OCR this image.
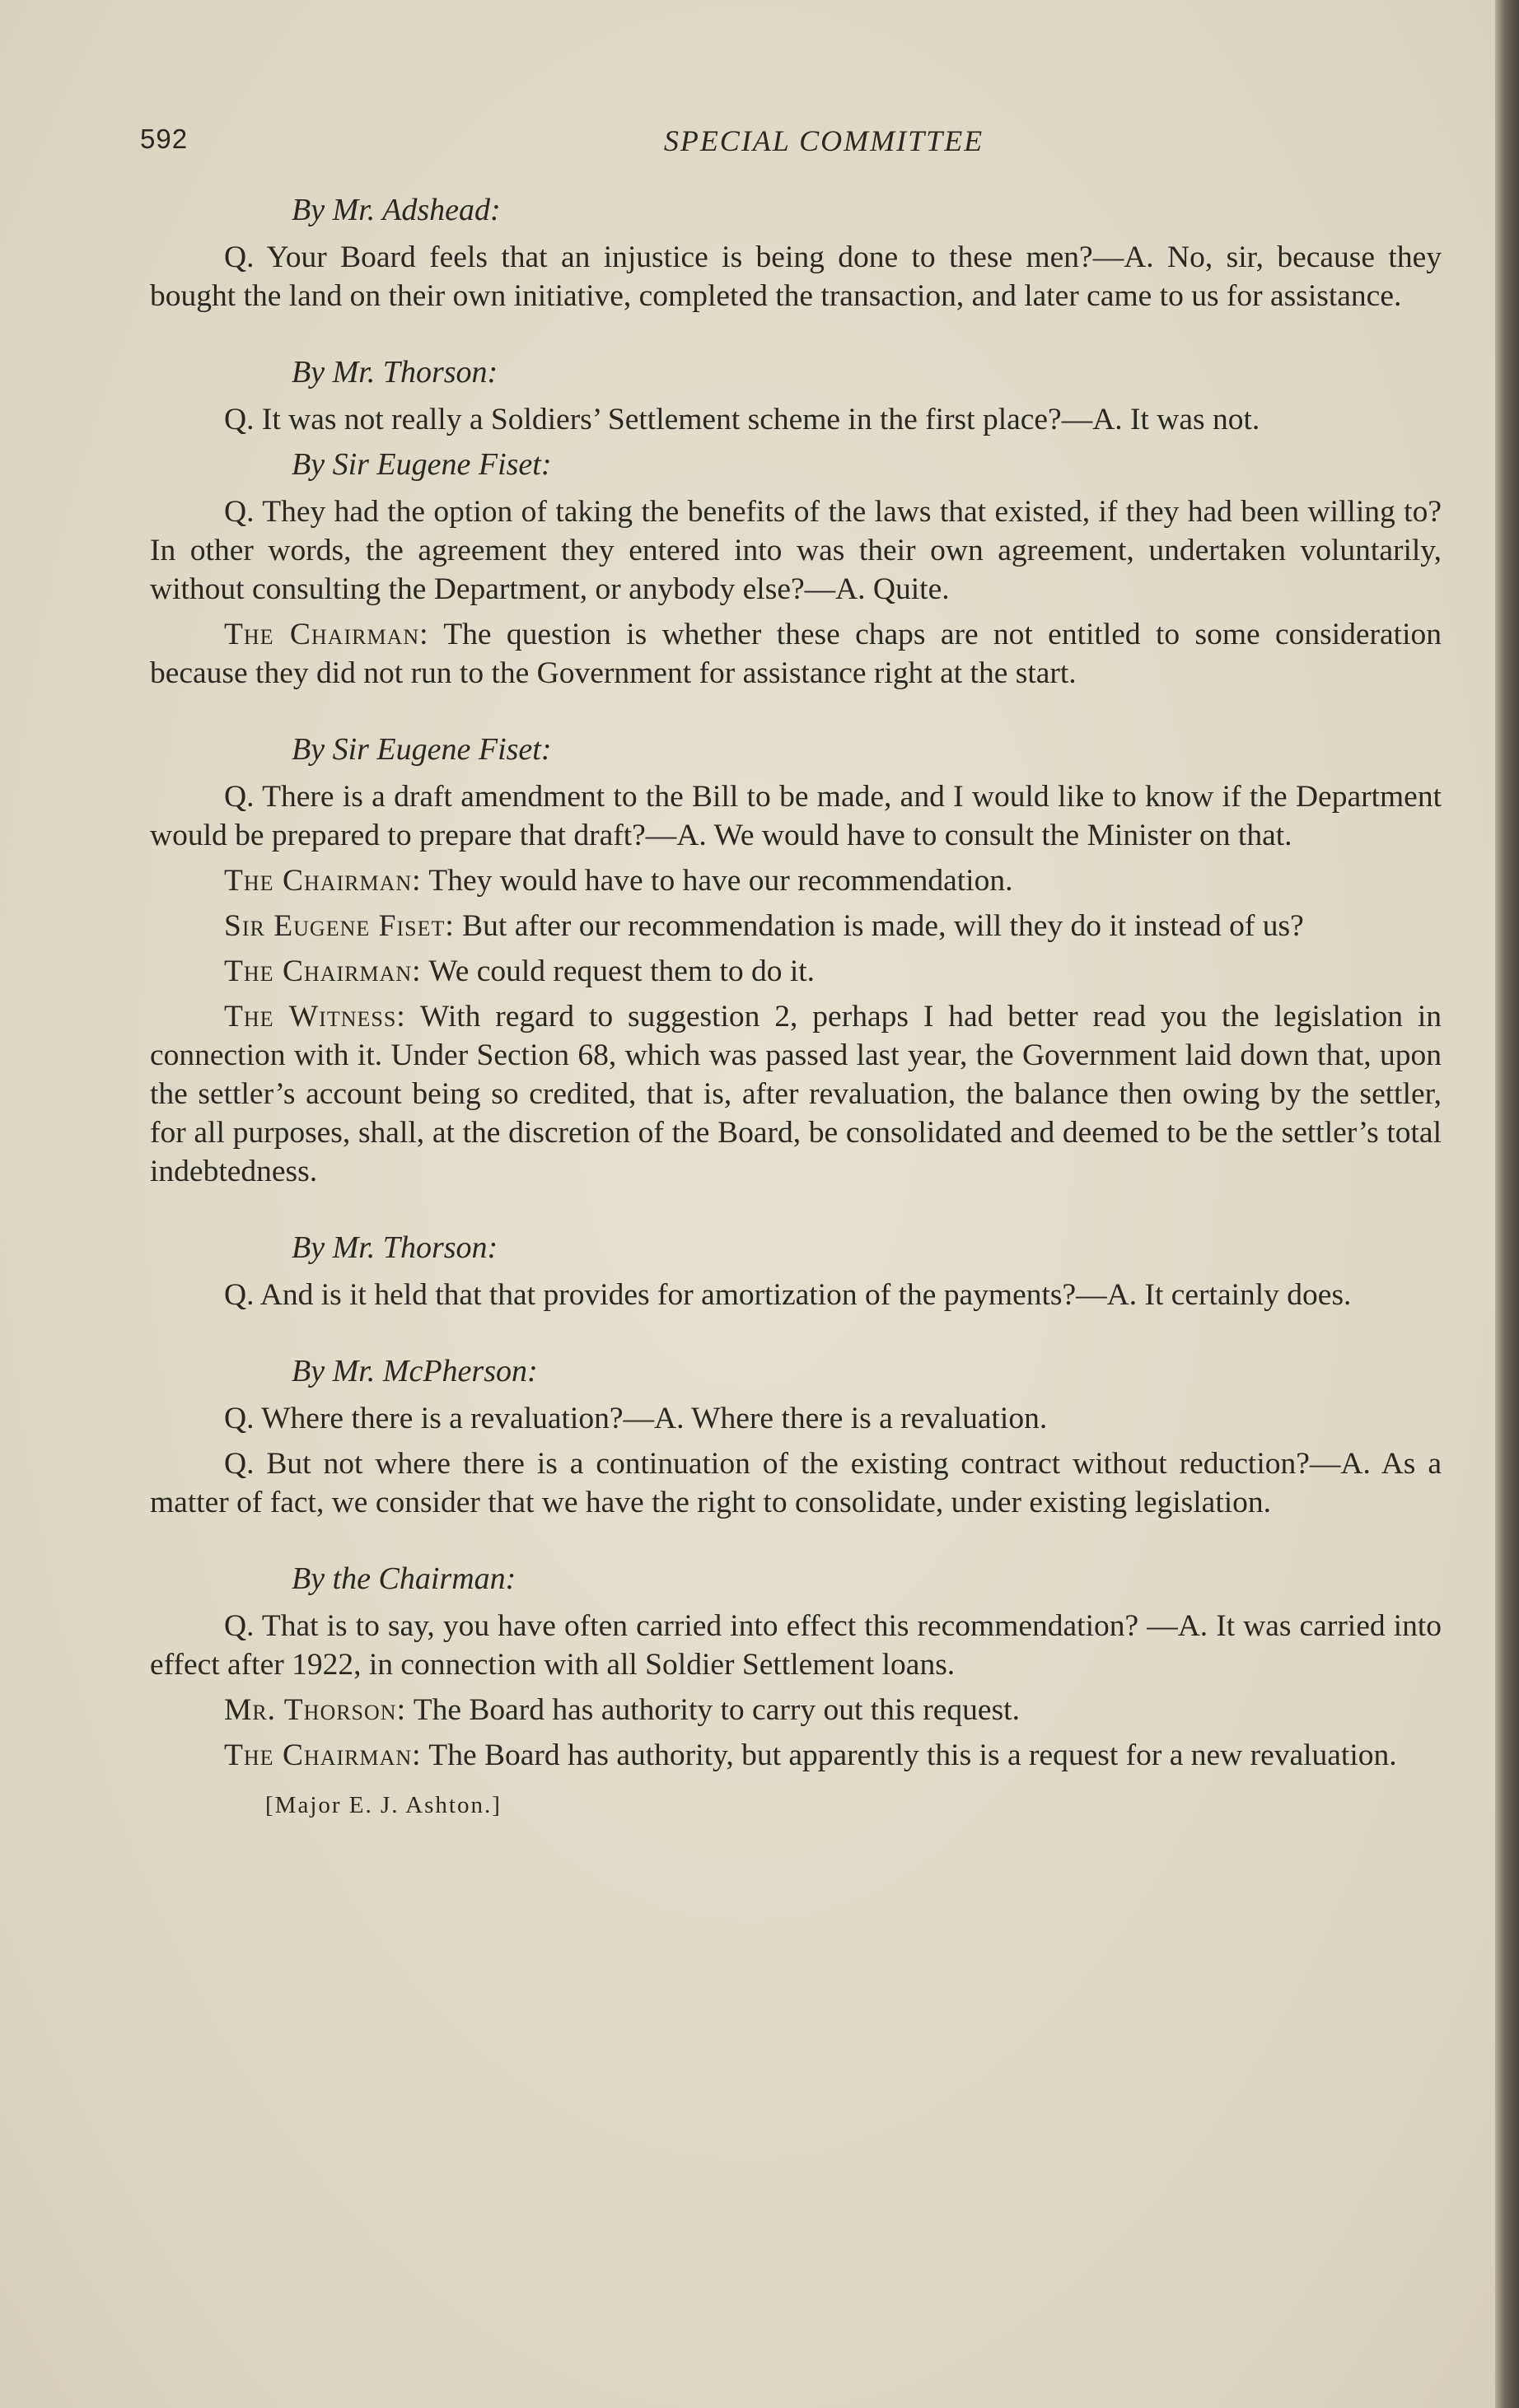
592	SPECIAL COMMITTEE
By Mr. Adshead:

Q. Your Board feels that an injustice is being done to these men?—A. No, sir, because they bought the land on their own initiative, completed the transaction, and later came to us for assistance.

By Mr. Thorson:

Q. It was not really a Soldiers’ Settlement scheme in the first place?—A. It was not.

By Sir Eugene Fiset:

Q. They had the option of taking the benefits of the laws that existed, if they had been willing to? In other words, the agreement they entered into was their own agreement, undertaken voluntarily, without consulting the Department, or anybody else?—A. Quite.

The Chairman: The question is whether these chaps are not entitled to some consideration because they did not run to the Government for assistance right at the start.

By Sir Eugene Fiset:

Q. There is a draft amendment to the Bill to be made, and I would like to know if the Department would be prepared to prepare that draft?—A. We would have to consult the Minister on that.

The Chairman: They would have to have our recommendation.

Sir Eugene Fiset: But after our recommendation is made, will they do it instead of us?

The Chairman: We could request them to do it.

The Witness: With regard to suggestion 2, perhaps I had better read you the legislation in connection with it. Under Section 68, which was passed last year, the Government laid down that, upon the settler’s account being so credited, that is, after revaluation, the balance then owing by the settler, for all purposes, shall, at the discretion of the Board, be consolidated and deemed to be the settler’s total indebtedness.

By Mr. Thorson:

Q. And is it held that that provides for amortization of the payments?—A. It certainly does.

By Mr. McPherson:

Q. Where there is a revaluation?—A. Where there is a revaluation.

Q. But not where there is a continuation of the existing contract without reduction?—A. As a matter of fact, we consider that we have the right to consolidate, under existing legislation.

By the Chairman:

Q. That is to say, you have often carried into effect this recommendation? —A. It was carried into effect after 1922, in connection with all Soldier Settlement loans.

Mr. Thorson: The Board has authority to carry out this request.

The Chairman: The Board has authority, but apparently this is a request for a new revaluation.

[Major E. J. Ashton.]
